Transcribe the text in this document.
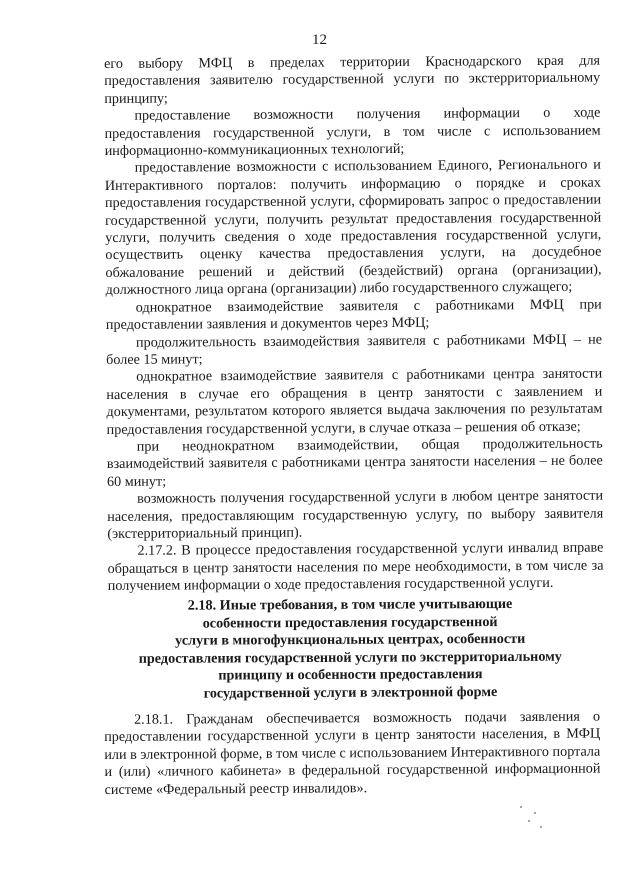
12

его выбору МФЦ в пределах территории Краснодарского края для предоставления заявителю государственной услуги по экстерриториальному принципу;

предоставление возможности получения информации о ходе предоставления государственной услуги, в том числе с использованием информационно-коммуникационных технологий;

предоставление возможности с использованием Единого, Регионального и Интерактивного порталов: получить информацию о порядке и сроках предоставления государственной услуги, сформировать запрос о предоставлении государственной услуги, получить результат предоставления государственной услуги, получить сведения о ходе предоставления государственной услуги, осуществить оценку качества предоставления услуги, на досудебное обжалование решений и действий (бездействий) органа (организации), должностного лица органа (организации) либо государственного служащего;

однократное взаимодействие заявителя с работниками МФЦ при предоставлении заявления и документов через МФЦ;

продолжительность взаимодействия заявителя с работниками МФЦ – не более 15 минут;

однократное взаимодействие заявителя с работниками центра занятости населения в случае его обращения в центр занятости с заявлением и документами, результатом которого является выдача заключения по результатам предоставления государственной услуги, в случае отказа – решения об отказе;

при неоднократном взаимодействии, общая продолжительность взаимодействий заявителя с работниками центра занятости населения – не более 60 минут;

возможность получения государственной услуги в любом центре занятости населения, предоставляющим государственную услугу, по выбору заявителя (экстерриториальный принцип).

2.17.2. В процессе предоставления государственной услуги инвалид вправе обращаться в центр занятости населения по мере необходимости, в том числе за получением информации о ходе предоставления государственной услуги.

2.18. Иные требования, в том числе учитывающие
особенности предоставления государственной
услуги в многофункциональных центрах, особенности
предоставления государственной услуги по экстерриториальному
принципу и особенности предоставления
государственной услуги в электронной форме

2.18.1. Гражданам обеспечивается возможность подачи заявления о предоставлении государственной услуги в центр занятости населения, в МФЦ или в электронной форме, в том числе с использованием Интерактивного портала и (или) «личного кабинета» в федеральной государственной информационной системе «Федеральный реестр инвалидов».
